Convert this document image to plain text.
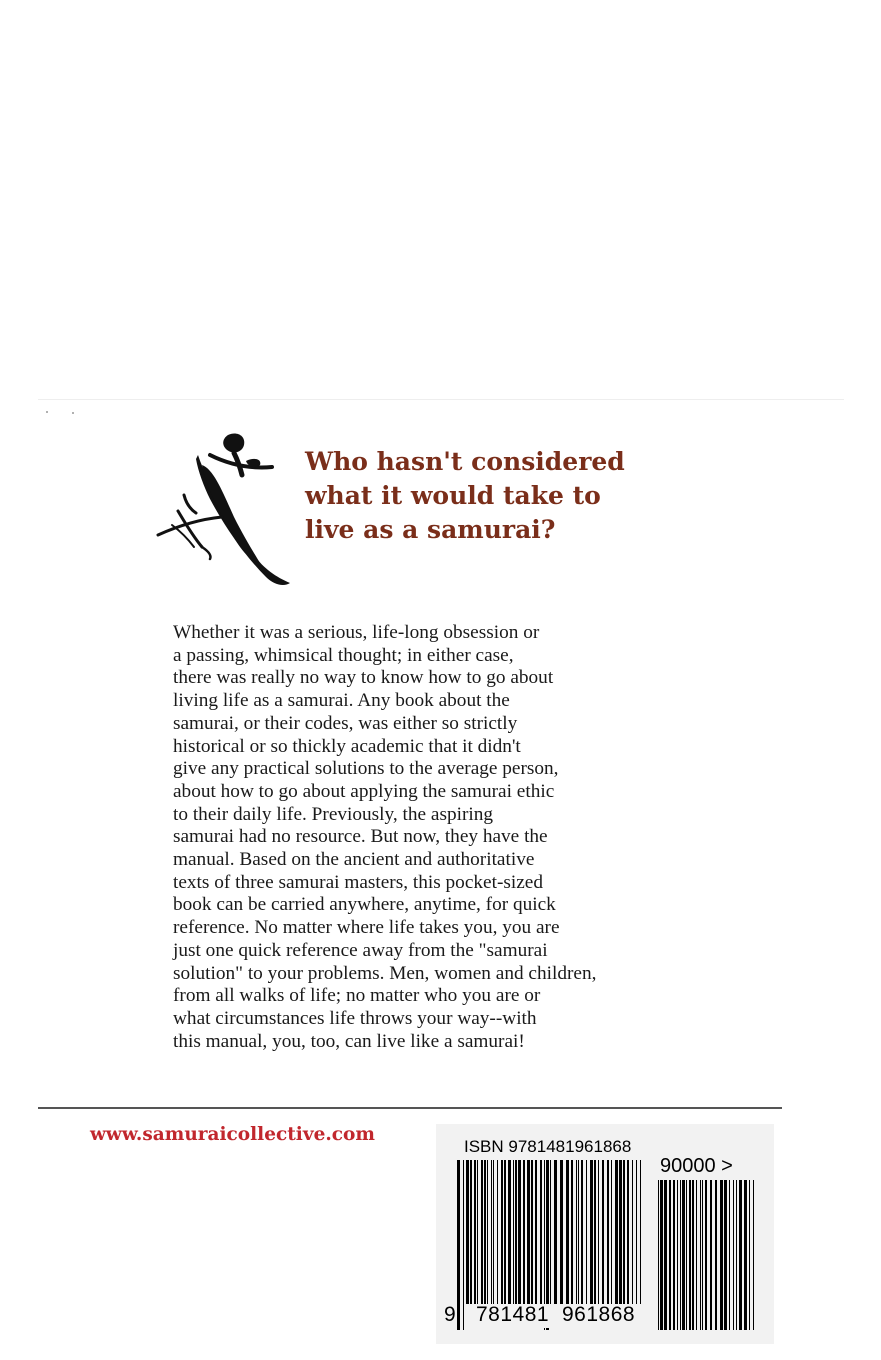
Who hasn't considered
what it would take to
live as a samurai?

Whether it was a serious, life-long obsession or
a passing, whimsical thought; in either case,
there was really no way to know how to go about
living life as a samurai. Any book about the
samurai, or their codes, was either so strictly
historical or so thickly academic that it didn't
give any practical solutions to the average person,
about how to go about applying the samurai ethic
to their daily life. Previously, the aspiring
samurai had no resource. But now, they have the
manual. Based on the ancient and authoritative
texts of three samurai masters, this pocket-sized
book can be carried anywhere, anytime, for quick
reference. No matter where life takes you, you are
just one quick reference away from the "samurai
solution" to your problems. Men, women and children,
from all walks of life; no matter who you are or
what circumstances life throws your way--with
this manual, you, too, can live like a samurai!

www.samuraicollective.com

ISBN 9781481961868

90000 >

9 781481 961868
